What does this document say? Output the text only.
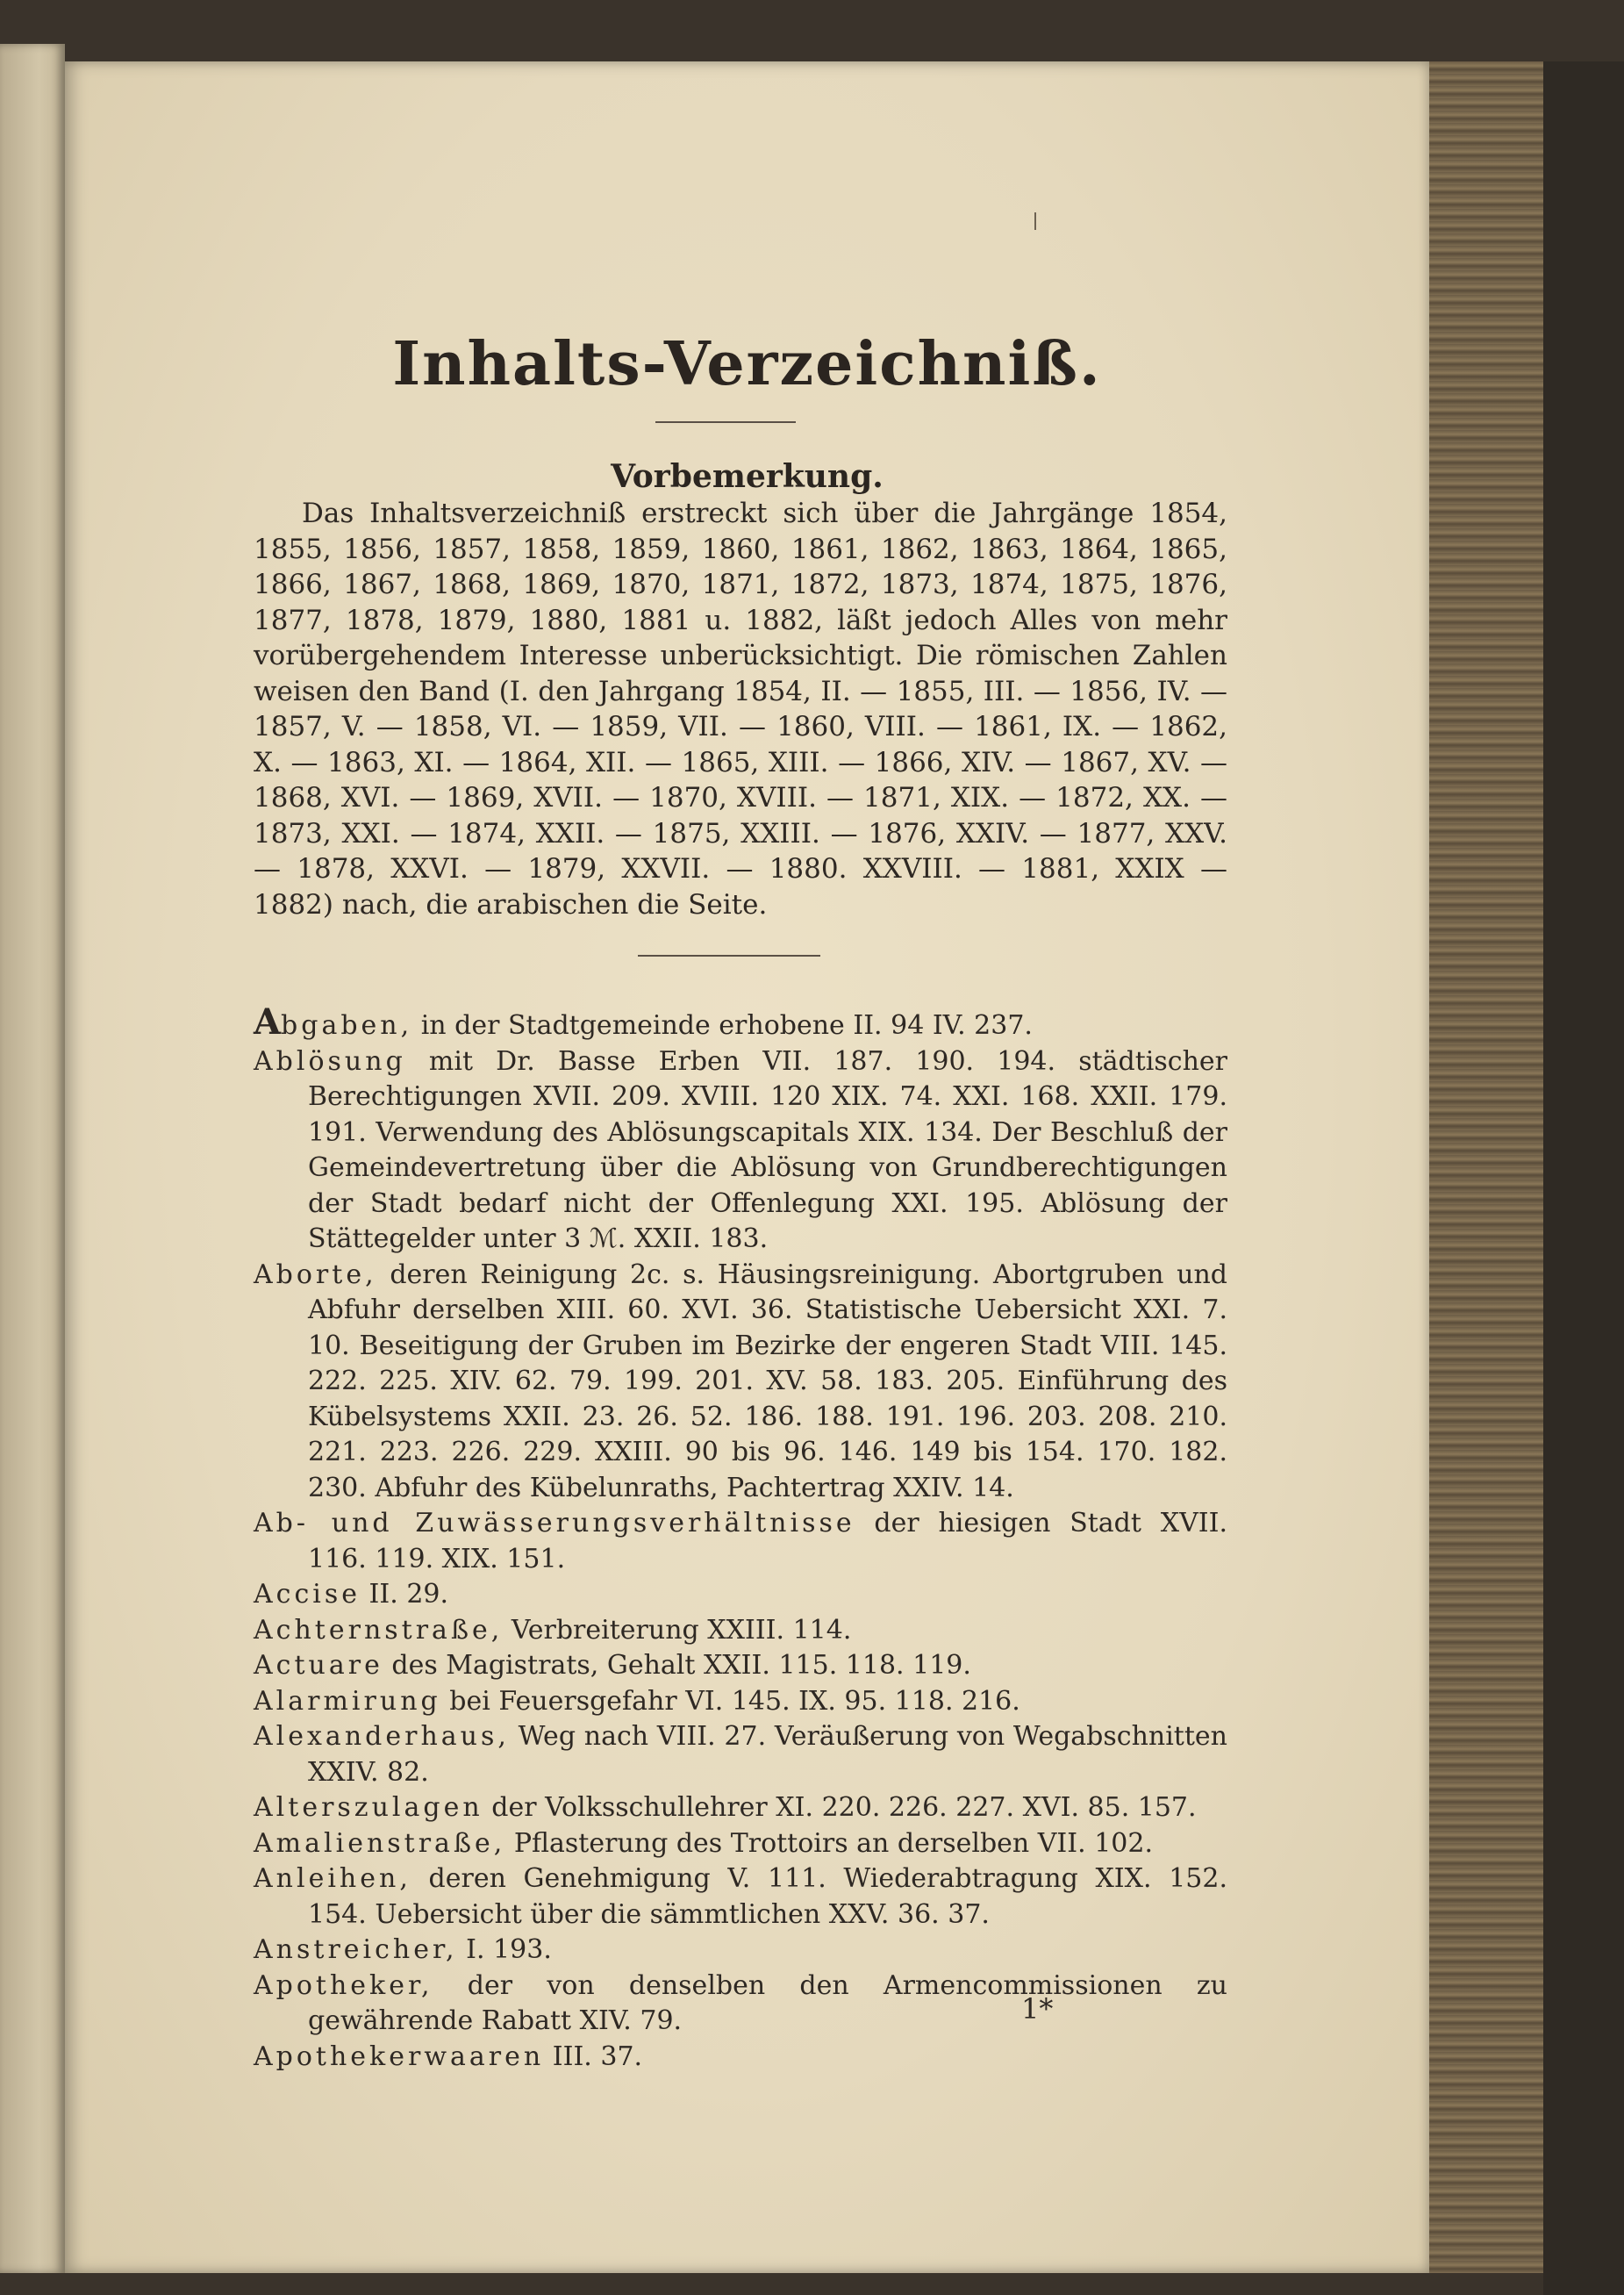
Inhalts-Verzeichniß.
Vorbemerkung.
Das Inhaltsverzeichniß erstreckt sich über die Jahrgänge 1854, 1855, 1856, 1857, 1858, 1859, 1860, 1861, 1862, 1863, 1864, 1865, 1866, 1867, 1868, 1869, 1870, 1871, 1872, 1873, 1874, 1875, 1876, 1877, 1878, 1879, 1880, 1881 u. 1882, läßt jedoch Alles von mehr vorübergehendem Interesse unberücksichtigt. Die römischen Zahlen weisen den Band (I. den Jahrgang 1854, II. — 1855, III. — 1856, IV. — 1857, V. — 1858, VI. — 1859, VII. — 1860, VIII. — 1861, IX. — 1862, X. — 1863, XI. — 1864, XII. — 1865, XIII. — 1866, XIV. — 1867, XV. — 1868, XVI. — 1869, XVII. — 1870, XVIII. — 1871, XIX. — 1872, XX. — 1873, XXI. — 1874, XXII. — 1875, XXIII. — 1876, XXIV. — 1877, XXV. — 1878, XXVI. — 1879, XXVII. — 1880. XXVIII. — 1881, XXIX — 1882) nach, die arabischen die Seite.
Abgaben, in der Stadtgemeinde erhobene II. 94 IV. 237.
Ablösung mit Dr. Basse Erben VII. 187. 190. 194. städtischer Berechtigungen XVII. 209. XVIII. 120 XIX. 74. XXI. 168. XXII. 179. 191. Verwendung des Ablösungscapitals XIX. 134. Der Beschluß der Gemeindevertretung über die Ablösung von Grundberechtigungen der Stadt bedarf nicht der Offenlegung XXI. 195. Ablösung der Stättegelder unter 3 ℳ. XXII. 183.
Aborte, deren Reinigung 2c. s. Häusingsreinigung. Abortgruben und Abfuhr derselben XIII. 60. XVI. 36. Statistische Uebersicht XXI. 7. 10. Beseitigung der Gruben im Bezirke der engeren Stadt VIII. 145. 222. 225. XIV. 62. 79. 199. 201. XV. 58. 183. 205. Einführung des Kübelsystems XXII. 23. 26. 52. 186. 188. 191. 196. 203. 208. 210. 221. 223. 226. 229. XXIII. 90 bis 96. 146. 149 bis 154. 170. 182. 230. Abfuhr des Kübelunraths, Pachtertrag XXIV. 14.
Ab- und Zuwässerungsverhältnisse der hiesigen Stadt XVII. 116. 119. XIX. 151.
Accise II. 29.
Achternstraße, Verbreiterung XXIII. 114.
Actuare des Magistrats, Gehalt XXII. 115. 118. 119.
Alarmirung bei Feuersgefahr VI. 145. IX. 95. 118. 216.
Alexanderhaus, Weg nach VIII. 27. Veräußerung von Wegabschnitten XXIV. 82.
Alterszulagen der Volksschullehrer XI. 220. 226. 227. XVI. 85. 157.
Amalienstraße, Pflasterung des Trottoirs an derselben VII. 102.
Anleihen, deren Genehmigung V. 111. Wiederabtragung XIX. 152. 154. Uebersicht über die sämmtlichen XXV. 36. 37.
Anstreicher, I. 193.
Apotheker, der von denselben den Armencommissionen zu gewährende Rabatt XIV. 79.
Apothekerwaaren III. 37.
1*
